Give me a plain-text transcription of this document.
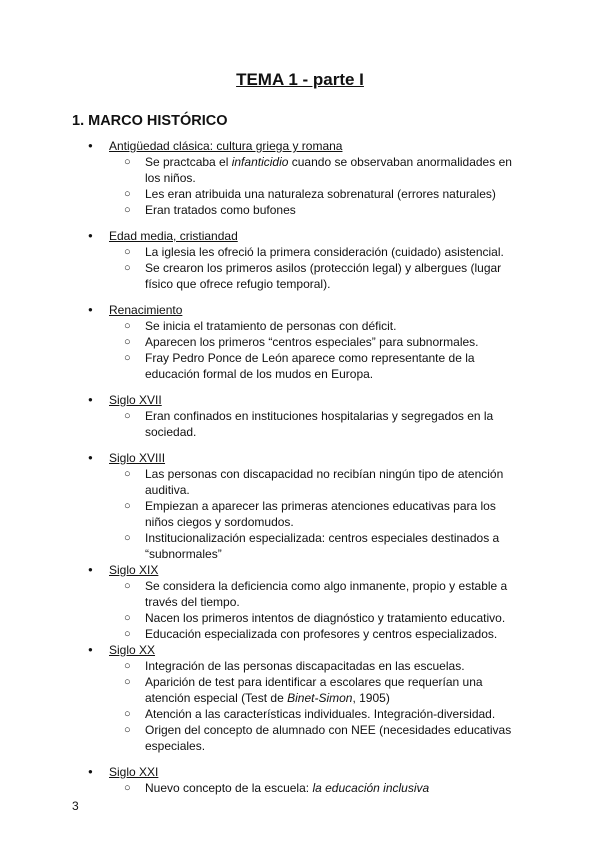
TEMA 1 - parte I
1. MARCO HISTÓRICO
● Antigüedad clásica: cultura griega y romana
○ Se practcaba el infanticidio cuando se observaban anormalidades en los niños.
○ Les eran atribuida una naturaleza sobrenatural (errores naturales)
○ Eran tratados como bufones
● Edad media, cristiandad
○ La iglesia les ofreció la primera consideración (cuidado) asistencial.
○ Se crearon los primeros asilos (protección legal) y albergues (lugar físico que ofrece refugio temporal).
● Renacimiento
○ Se inicia el tratamiento de personas con déficit.
○ Aparecen los primeros “centros especiales” para subnormales.
○ Fray Pedro Ponce de León aparece como representante de la educación formal de los mudos en Europa.
● Siglo XVII
○ Eran confinados en instituciones hospitalarias y segregados en la sociedad.
● Siglo XVIII
○ Las personas con discapacidad no recibían ningún tipo de atención auditiva.
○ Empiezan a aparecer las primeras atenciones educativas para los niños ciegos y sordomudos.
○ Institucionalización especializada: centros especiales destinados a “subnormales”
● Siglo XIX
○ Se considera la deficiencia como algo inmanente, propio y estable a través del tiempo.
○ Nacen los primeros intentos de diagnóstico y tratamiento educativo.
○ Educación especializada con profesores y centros especializados.
● Siglo XX
○ Integración de las personas discapacitadas en las escuelas.
○ Aparición de test para identificar a escolares que requerían una atención especial (Test de Binet-Simon, 1905)
○ Atención a las características individuales. Integración-diversidad.
○ Origen del concepto de alumnado con NEE (necesidades educativas especiales.
● Siglo XXI
○ Nuevo concepto de la escuela: la educación inclusiva
3
